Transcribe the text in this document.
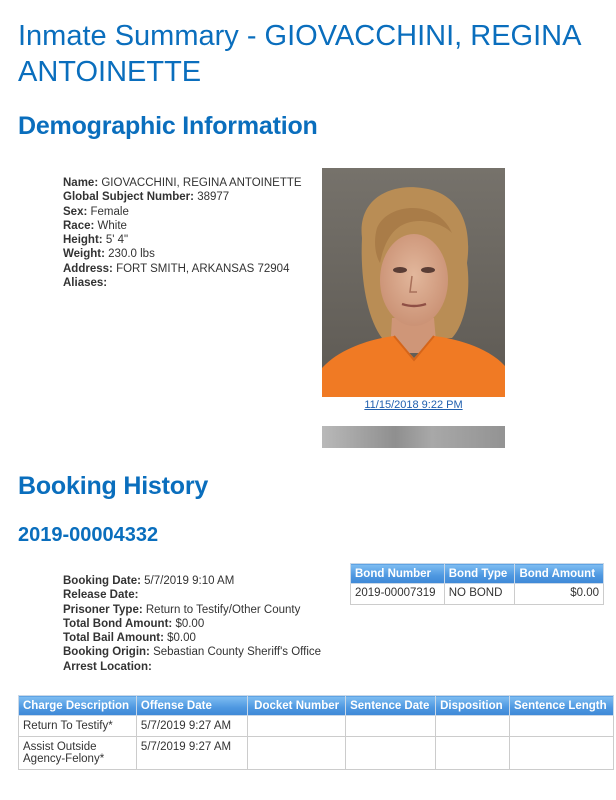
Inmate Summary - GIOVACCHINI, REGINA ANTOINETTE
Demographic Information
Name: GIOVACCHINI, REGINA ANTOINETTE
Global Subject Number: 38977
Sex: Female
Race: White
Height: 5' 4"
Weight: 230.0 lbs
Address: FORT SMITH, ARKANSAS 72904
Aliases:
11/15/2018 9:22 PM
Booking History
2019-00004332
Booking Date: 5/7/2019 9:10 AM
Release Date:
Prisoner Type: Return to Testify/Other County
Total Bond Amount: $0.00
Total Bail Amount: $0.00
Booking Origin: Sebastian County Sheriff's Office
Arrest Location:
Bond Number	Bond Type	Bond Amount
2019-00007319	NO BOND	$0.00
Charge Description	Offense Date	Docket Number	Sentence Date	Disposition	Sentence Length
Return To Testify*	5/7/2019 9:27 AM				
Assist Outside Agency-Felony*	5/7/2019 9:27 AM				
